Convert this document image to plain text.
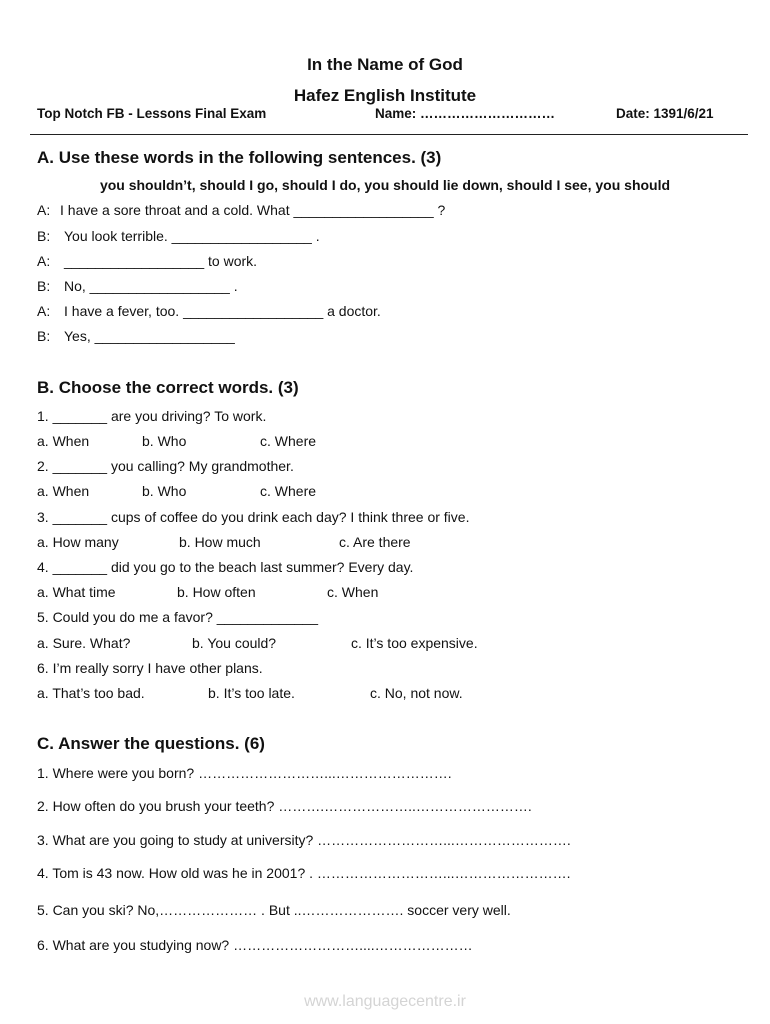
In the Name of God
Hafez English Institute
Top Notch FB - Lessons Final Exam	Name: …………………………	Date: 1391/6/21
A. Use these words in the following sentences. (3)
you shouldn’t, should I go, should I do, you should lie down, should I see, you should
A: I have a sore throat and a cold. What __________________ ?
B: You look terrible. __________________ .
A: __________________ to work.
B: No, __________________ .
A: I have a fever, too. __________________ a doctor.
B: Yes, __________________
B. Choose the correct words. (3)
1. _______ are you driving? To work.
a. When	b. Who	c. Where
2. _______ you calling? My grandmother.
a. When	b. Who	c. Where
3. _______ cups of coffee do you drink each day? I think three or five.
a. How many	b. How much	c. Are there
4. _______ did you go to the beach last summer? Every day.
a. What time	b. How often	c. When
5. Could you do me a favor? _____________
a. Sure. What?	b. You could?	c. It’s too expensive.
6. I’m really sorry I have other plans.
a. That’s too bad.	b. It’s too late.	c. No, not now.
C. Answer the questions. (6)
1. Where were you born? ………………………...…………………….
2. How often do you brush your teeth? ……….………………..…………………….
3. What are you going to study at university? ………………………...…………………….
4. Tom is 43 now. How old was he in 2001? . ………………………...…………………….
5. Can you ski? No,………………… . But ..…………………. soccer very well.
6. What are you studying now? ………………………....…………………
www.languagecentre.ir
